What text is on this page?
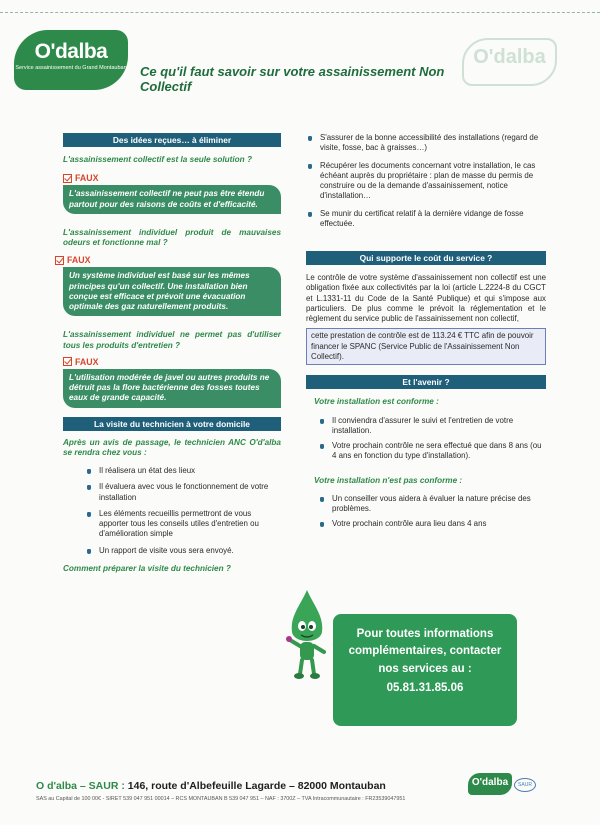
O'dalba
Service assainissement du Grand Montauban	O'dalba
Ce qu'il faut savoir sur votre assainissement Non Collectif
Des idées reçues… à éliminer
L'assainissement collectif est la seule solution ?
FAUX
L'assainissement collectif ne peut pas être étendu partout pour des raisons de coûts et d'efficacité.
L'assainissement individuel produit de mauvaises odeurs et fonctionne mal ?
FAUX
Un système individuel est basé sur les mêmes principes qu'un collectif. Une installation bien conçue est efficace et prévoit une évacuation optimale des gaz naturellement produits.
L'assainissement individuel ne permet pas d'utiliser tous les produits d'entretien ?
FAUX
L'utilisation modérée de javel ou autres produits ne détruit pas la flore bactérienne des fosses toutes eaux de grande capacité.
La visite du technicien à votre domicile
Après un avis de passage, le technicien ANC O'd'alba se rendra chez vous :
Il réalisera un état des lieux
Il évaluera avec vous le fonctionnement de votre installation
Les éléments recueillis permettront de vous apporter tous les conseils utiles d'entretien ou d'amélioration simple
Un rapport de visite vous sera envoyé.
Comment préparer la visite du technicien ?
S'assurer de la bonne accessibilité des installations (regard de visite, fosse, bac à graisses…)
Récupérer les documents concernant votre installation, le cas échéant auprès du propriétaire : plan de masse du permis de construire ou de la demande d'assainissement, notice d'installation…
Se munir du certificat relatif à la dernière vidange de fosse effectuée.
Qui supporte le coût du service ?
Le contrôle de votre système d'assainissement non collectif est une obligation fixée aux collectivités par la loi (article L.2224-8 du CGCT et L.1331-11 du Code de la Santé Publique) et qui s'impose aux particuliers. De plus comme le prévoit la réglementation et le règlement du service public de l'assainissement non collectif,
cette prestation de contrôle est de 113.24 € TTC afin de pouvoir financer le SPANC (Service Public de l'Assainissement Non Collectif).
Et l'avenir ?
Votre installation est conforme :
Il conviendra d'assurer le suivi et l'entretien de votre installation.
Votre prochain contrôle ne sera effectué que dans 8 ans (ou 4 ans en fonction du type d'installation).
Votre installation n'est pas conforme :
Un conseiller vous aidera à évaluer la nature précise des problèmes.
Votre prochain contrôle aura lieu dans 4 ans
Pour toutes informations
complémentaires, contacter
nos services au :
05.81.31.85.06
O d'alba – SAUR : 146, route d'Albefeuille Lagarde – 82000 Montauban
SAS au Capital de 100 00€ - SIRET 539 047 951 00014 – RCS MONTAUBAN B 539 047 951 – NAF : 3700Z – TVA Intracommunautaire : FR23539047951
O'dalba	SAUR
